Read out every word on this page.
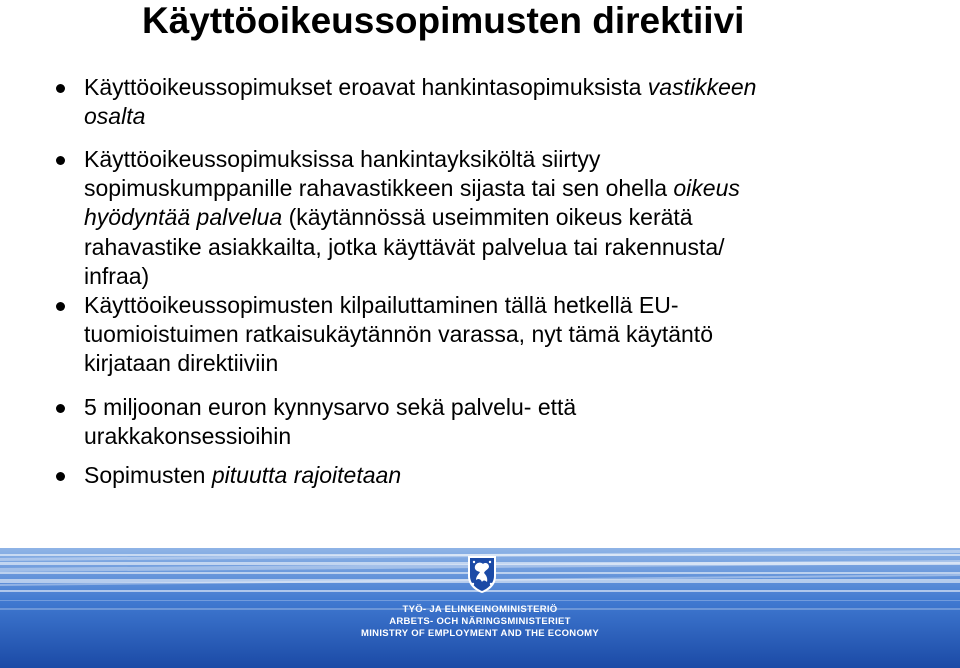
Käyttöoikeussopimusten direktiivi
Käyttöoikeussopimukset eroavat hankintasopimuksista vastikkeen
osalta
Käyttöoikeussopimuksissa hankintayksiköltä siirtyy
sopimuskumppanille rahavastikkeen sijasta tai sen ohella oikeus
hyödyntää palvelua (käytännössä useimmiten oikeus kerätä
rahavastike asiakkailta, jotka käyttävät palvelua tai rakennusta/
infraa)
Käyttöoikeussopimusten kilpailuttaminen tällä hetkellä EU-
tuomioistuimen ratkaisukäytännön varassa, nyt tämä käytäntö
kirjataan direktiiviin
5 miljoonan euron kynnysarvo sekä palvelu- että
urakkakonsessioihin
Sopimusten pituutta rajoitetaan
TYÖ- JA ELINKEINOMINISTERIÖ
ARBETS- OCH NÄRINGSMINISTERIET
MINISTRY OF EMPLOYMENT AND THE ECONOMY
